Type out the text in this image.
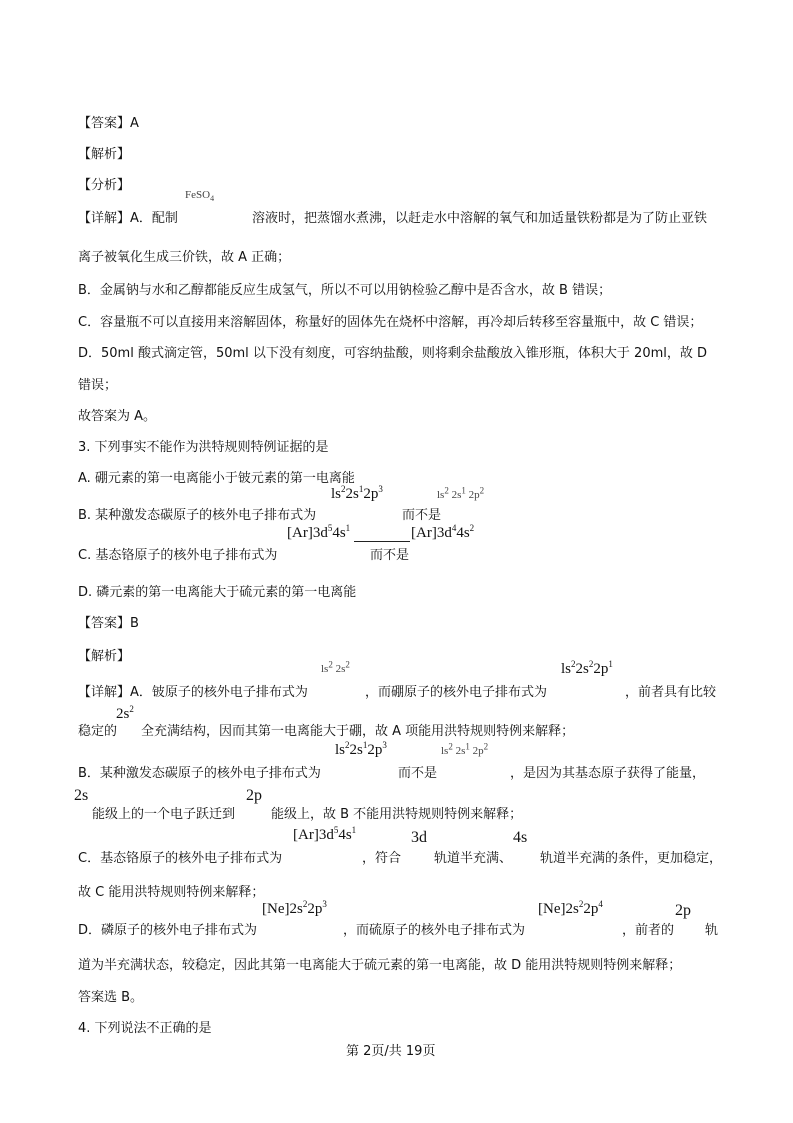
【答案】A
【解析】
【分析】
FeSO$_4$
【详解】A．配制	溶液时，把蒸馏水煮沸，以赶走水中溶解的氧气和加适量铁粉都是为了防止亚铁
离子被氧化生成三价铁，故 A 正确；
B．金属钠与水和乙醇都能反应生成氢气，所以不可以用钠检验乙醇中是否含水，故 B 错误；
C．容量瓶不可以直接用来溶解固体，称量好的固体先在烧杯中溶解，再冷却后转移至容量瓶中，故 C 错误；
D．50ml 酸式滴定管，50ml 以下没有刻度，可容纳盐酸，则将剩余盐酸放入锥形瓶，体积大于 20ml，故 D
错误；
故答案为 A。
3. 下列事实不能作为洪特规则特例证据的是
A. 硼元素的第一电离能小于铍元素的第一电离能
$ls^22s^12p^3$	$ls^2$ $2s^1$ $2p^2$
B. 某种激发态碳原子的核外电子排布式为	而不是
$[Ar]3d^54s^1$	$[Ar]3d^44s^2$
C. 基态铬原子的核外电子排布式为	而不是
D. 磷元素的第一电离能大于硫元素的第一电离能
【答案】B
【解析】
$ls^2$ $2s^2$	$ls^22s^22p^1$
【详解】A．铍原子的核外电子排布式为	，而硼原子的核外电子排布式为	，前者具有比较
$2s^2$
稳定的 全充满结构，因而其第一电离能大于硼，故 A 项能用洪特规则特例来解释；
$ls^22s^12p^3$	$ls^2$ $2s^1$ $2p^2$
B．某种激发态碳原子的核外电子排布式为	而不是	，是因为其基态原子获得了能量，
2s	2p
能级上的一个电子跃迁到	能级上，故 B 不能用洪特规则特例来解释；
$[Ar]3d^54s^1$	3d	4s
C．基态铬原子的核外电子排布式为	，符合	轨道半充满、 轨道半充满的条件，更加稳定，
故 C 能用洪特规则特例来解释；
$[Ne]2s^22p^3$	$[Ne]2s^22p^4$	2p
D．磷原子的核外电子排布式为	，而硫原子的核外电子排布式为	，前者的 轨
道为半充满状态，较稳定，因此其第一电离能大于硫元素的第一电离能，故 D 能用洪特规则特例来解释；
答案选 B。
4. 下列说法不正确的是
第 2页/共 19页
